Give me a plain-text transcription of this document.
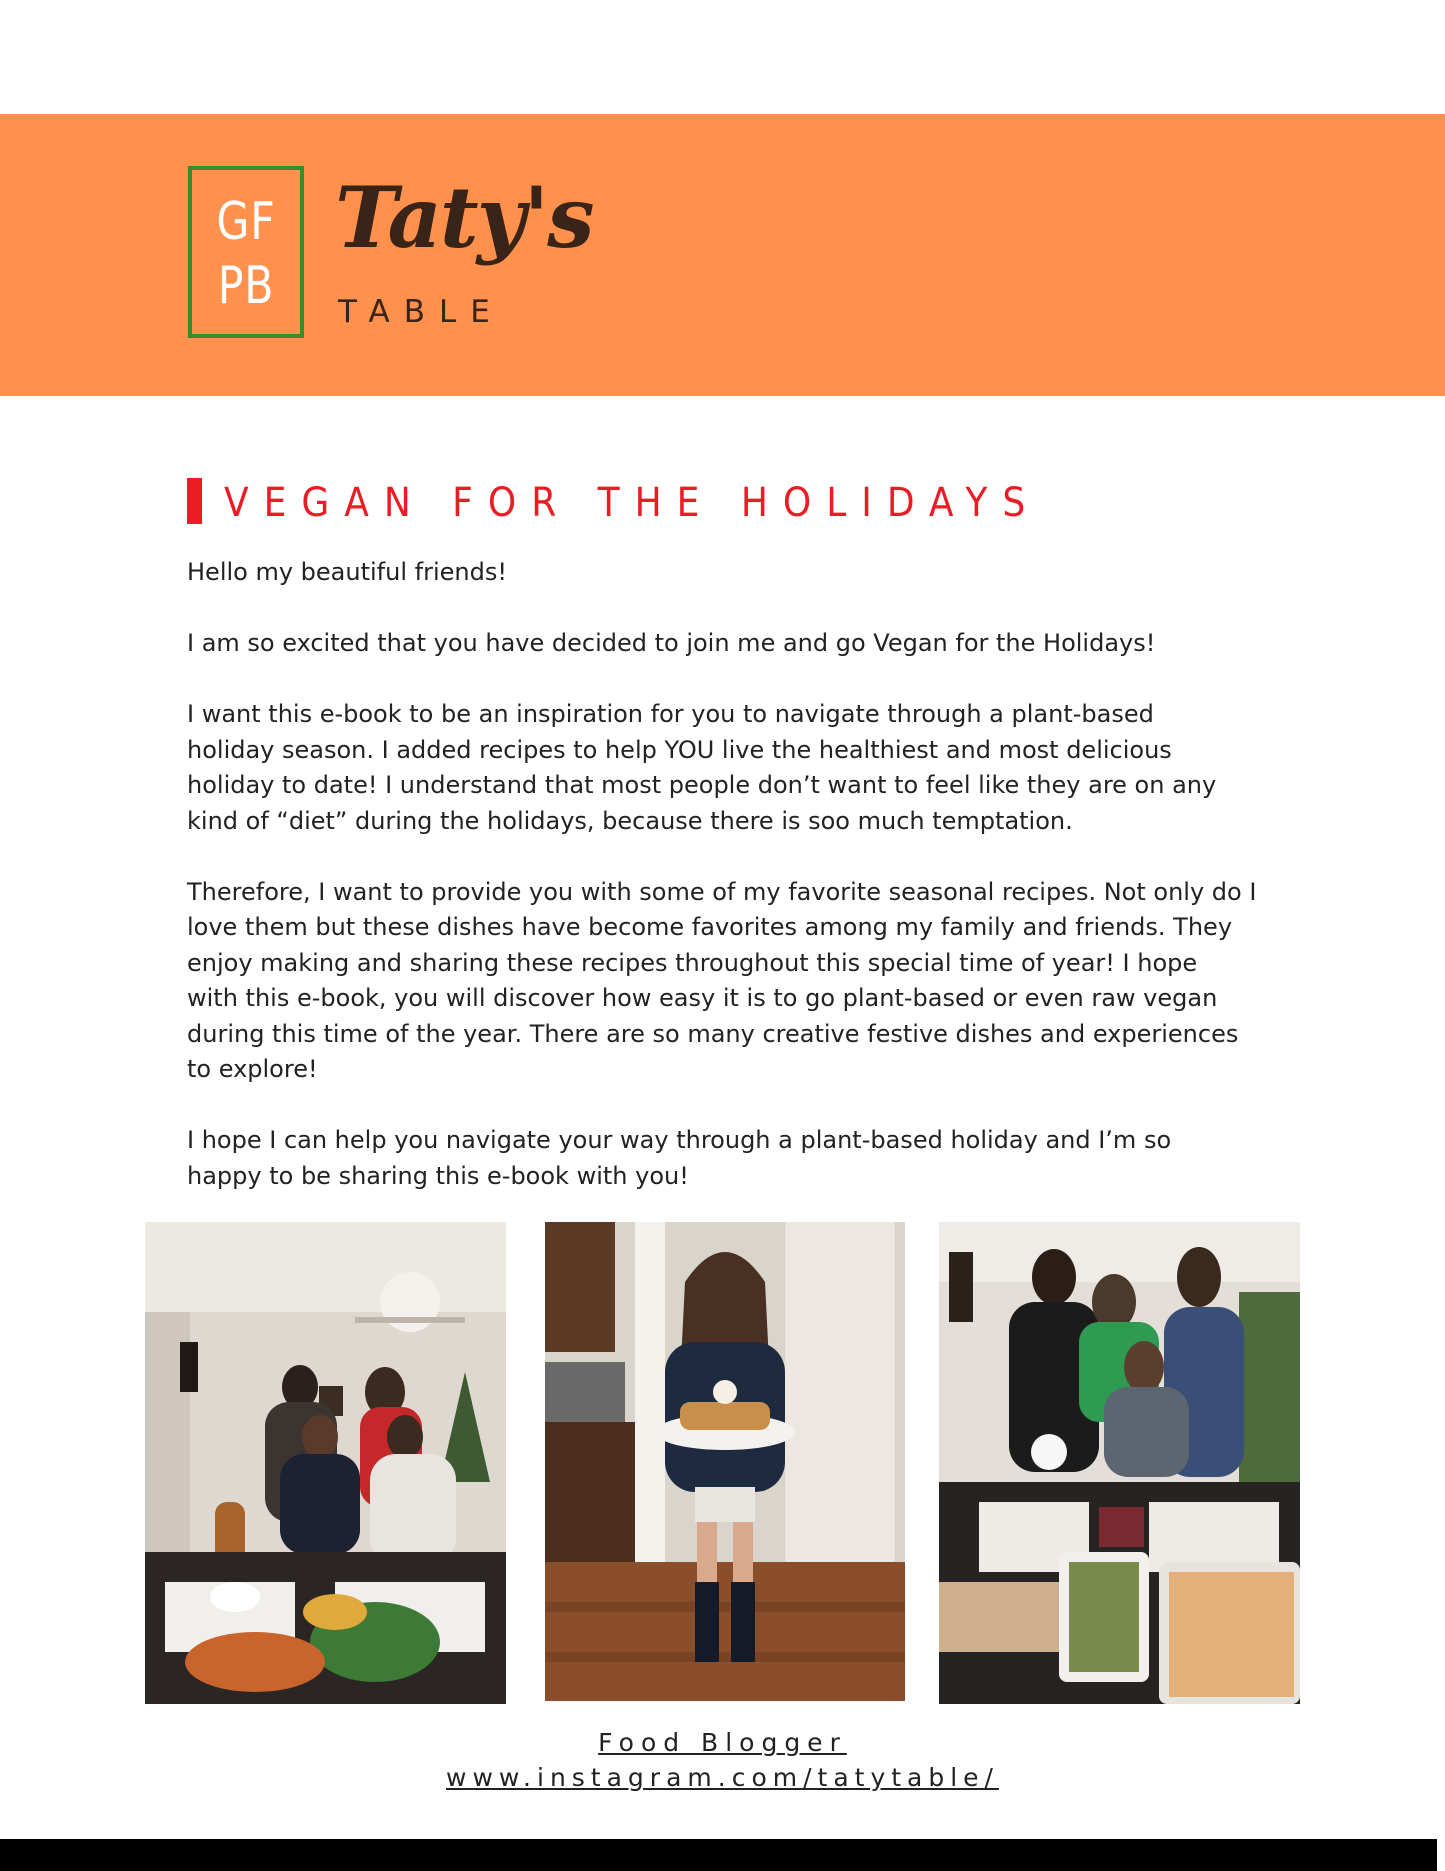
GF
PB
Taty's
TABLE
VEGAN FOR THE HOLIDAYS

Hello my beautiful friends!

I am so excited that you have decided to join me and go Vegan for the Holidays!

I want this e-book to be an inspiration for you to navigate through a plant-based
holiday season. I added recipes to help YOU live the healthiest and most delicious
holiday to date! I understand that most people don’t want to feel like they are on any
kind of “diet” during the holidays, because there is soo much temptation.

Therefore, I want to provide you with some of my favorite seasonal recipes. Not only do I
love them but these dishes have become favorites among my family and friends. They
enjoy making and sharing these recipes throughout this special time of year! I hope
with this e-book, you will discover how easy it is to go plant-based or even raw vegan
during this time of the year. There are so many creative festive dishes and experiences
to explore!

I hope I can help you navigate your way through a plant-based holiday and I’m so
happy to be sharing this e-book with you!

Food Blogger
www.instagram.com/tatytable/
